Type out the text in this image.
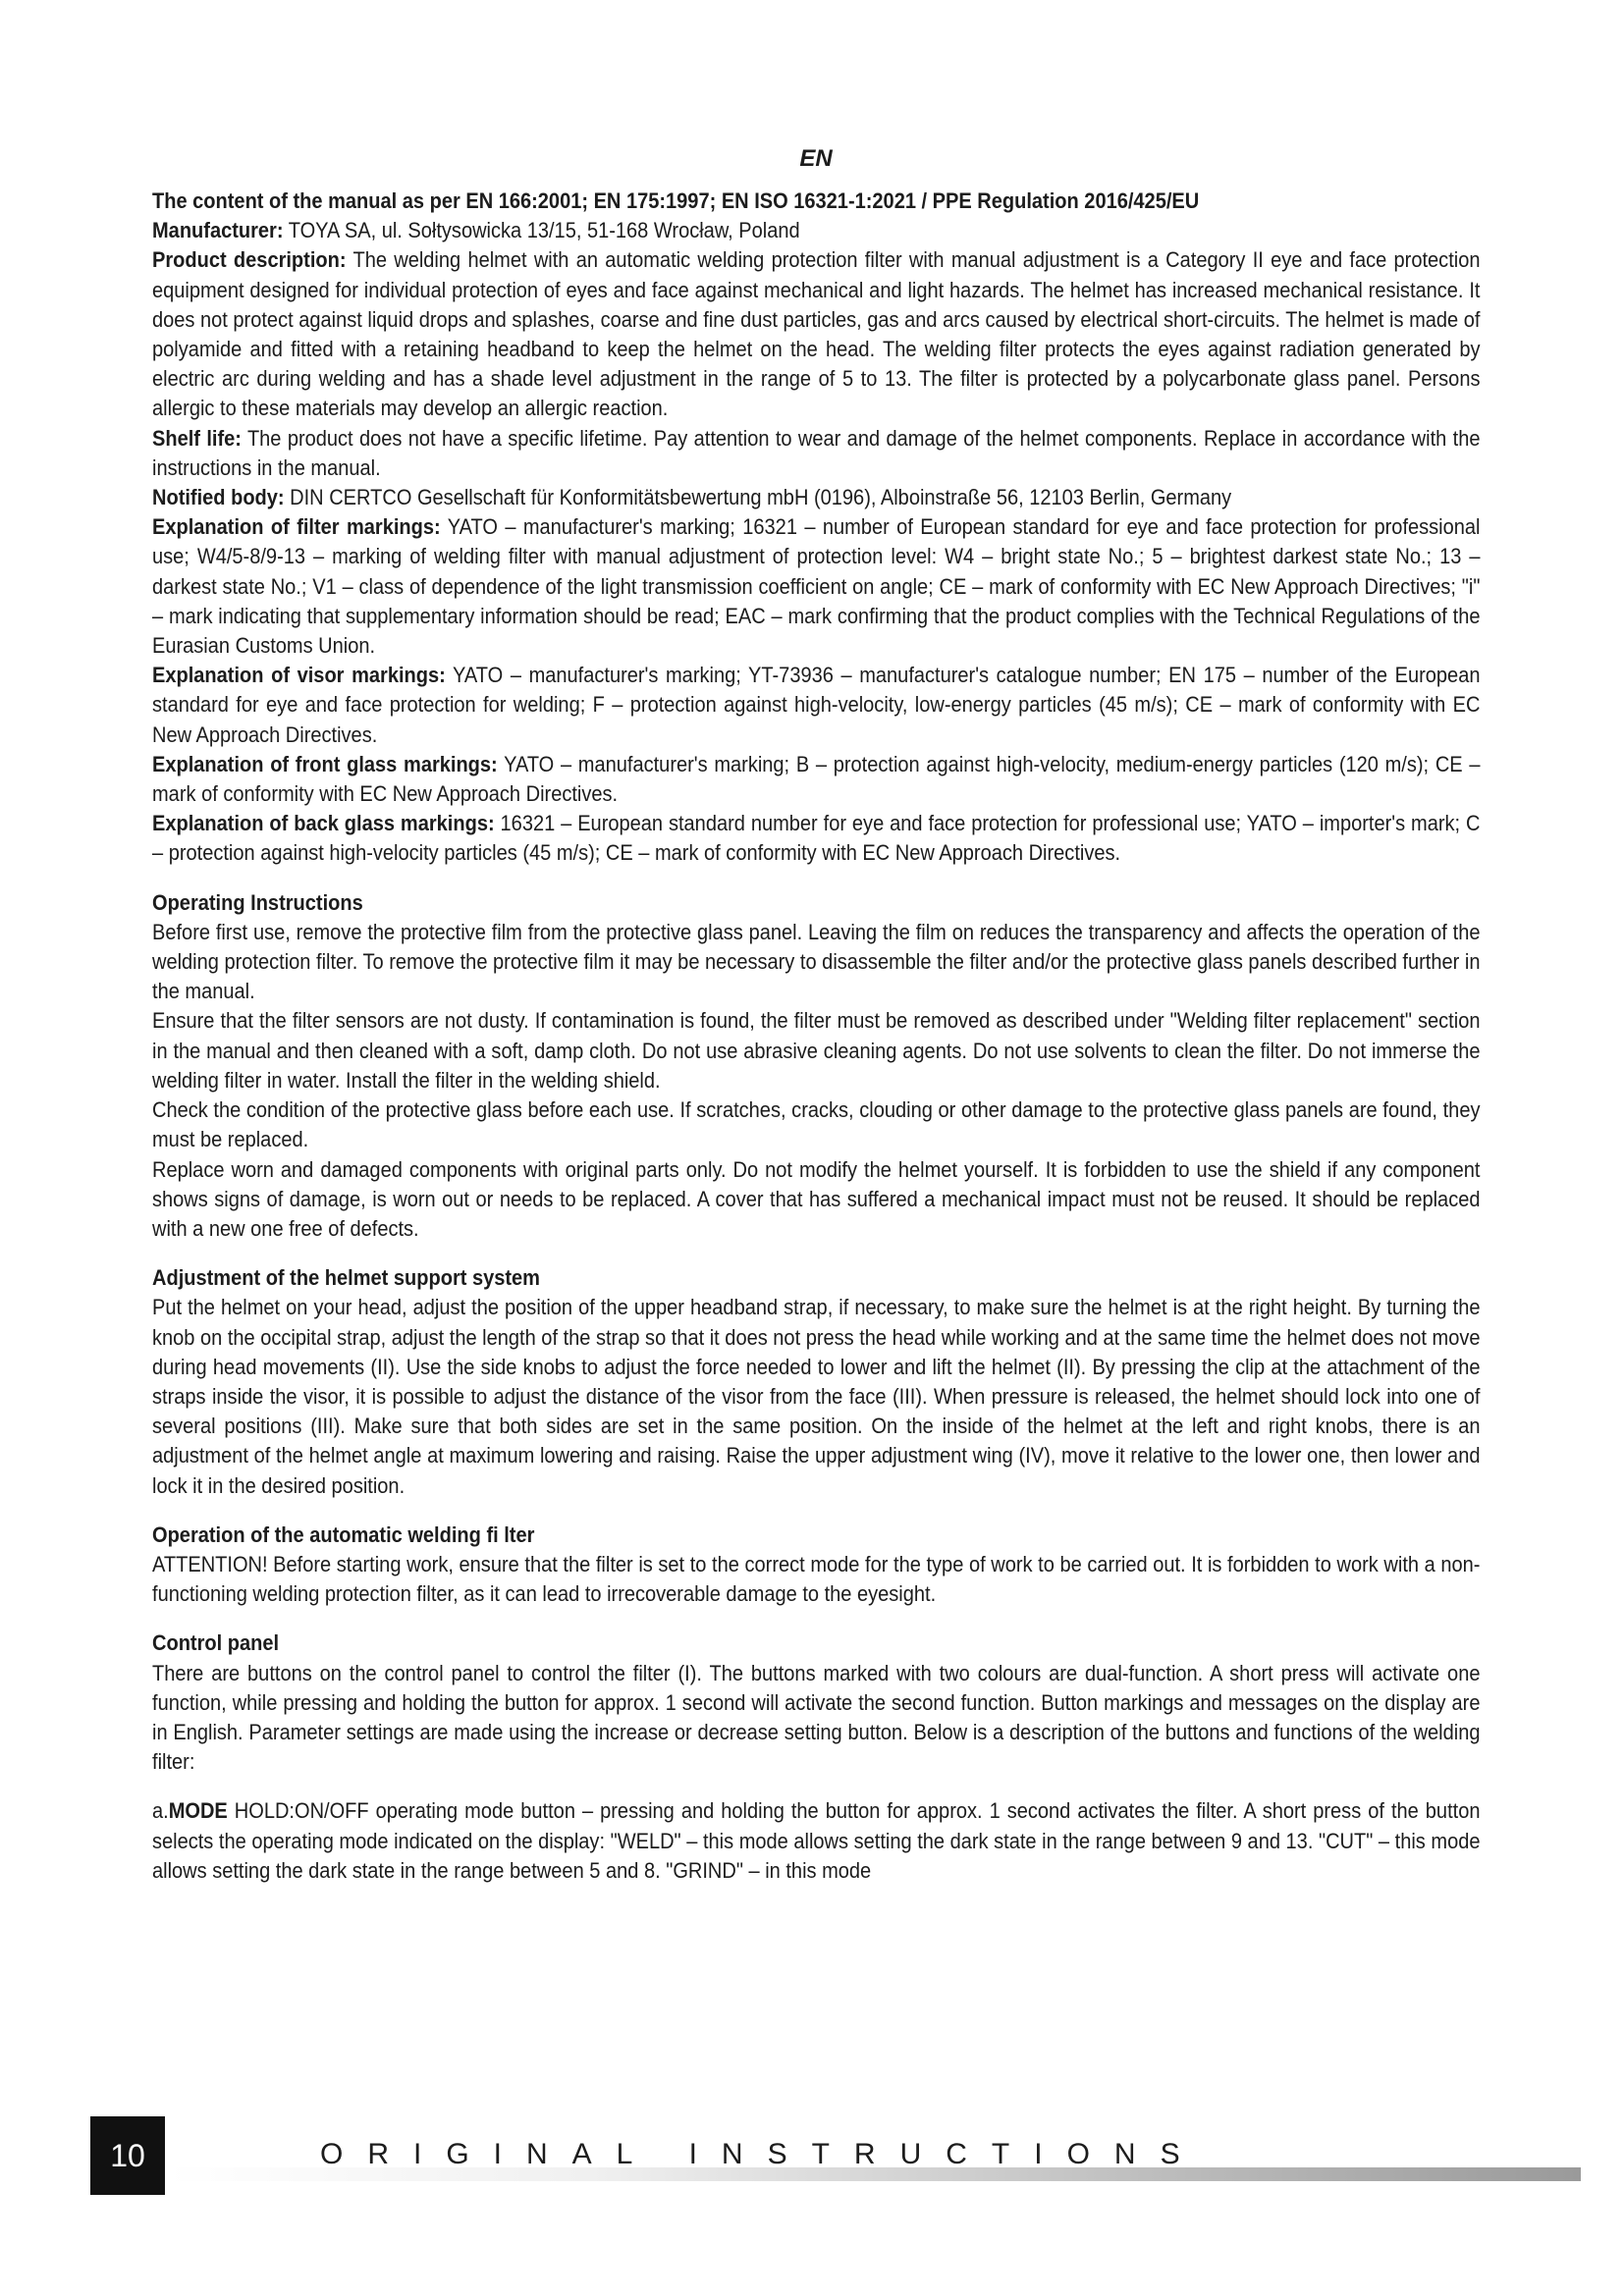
EN
The content of the manual as per EN 166:2001; EN 175:1997; EN ISO 16321-1:2021 / PPE Regulation 2016/425/EU

Manufacturer: TOYA SA, ul. Sołtysowicka 13/15, 51-168 Wrocław, Poland

Product description: The welding helmet with an automatic welding protection filter with manual adjustment is a Category II eye and face protection equipment designed for individual protection of eyes and face against mechanical and light hazards. The helmet has increased mechanical resistance. It does not protect against liquid drops and splashes, coarse and fine dust particles, gas and arcs caused by electrical short-circuits. The helmet is made of polyamide and fitted with a retaining headband to keep the helmet on the head. The welding filter protects the eyes against radiation generated by electric arc during welding and has a shade level adjustment in the range of 5 to 13. The filter is protected by a polycarbonate glass panel. Persons allergic to these materials may develop an allergic reaction.

Shelf life: The product does not have a specific lifetime. Pay attention to wear and damage of the helmet components. Replace in accordance with the instructions in the manual.

Notified body: DIN CERTCO Gesellschaft für Konformitätsbewertung mbH (0196), Alboinstraße 56, 12103 Berlin, Germany

Explanation of filter markings: YATO – manufacturer's marking; 16321 – number of European standard for eye and face protection for professional use; W4/5-8/9-13 – marking of welding filter with manual adjustment of protection level: W4 – bright state No.; 5 – brightest darkest state No.; 13 – darkest state No.; V1 – class of dependence of the light transmission coefficient on angle; CE – mark of conformity with EC New Approach Directives; "i" – mark indicating that supplementary information should be read; EAC – mark confirming that the product complies with the Technical Regulations of the Eurasian Customs Union.

Explanation of visor markings: YATO – manufacturer's marking; YT-73936 – manufacturer's catalogue number; EN 175 – number of the European standard for eye and face protection for welding; F – protection against high-velocity, low-energy particles (45 m/s); CE – mark of conformity with EC New Approach Directives.

Explanation of front glass markings: YATO – manufacturer's marking; B – protection against high-velocity, medium-energy particles (120 m/s); CE – mark of conformity with EC New Approach Directives.

Explanation of back glass markings: 16321 – European standard number for eye and face protection for professional use; YATO – importer's mark; C – protection against high-velocity particles (45 m/s); CE – mark of conformity with EC New Approach Directives.

Operating Instructions

Before first use, remove the protective film from the protective glass panel. Leaving the film on reduces the transparency and affects the operation of the welding protection filter. To remove the protective film it may be necessary to disassemble the filter and/or the protective glass panels described further in the manual.

Ensure that the filter sensors are not dusty. If contamination is found, the filter must be removed as described under "Welding filter replacement" section in the manual and then cleaned with a soft, damp cloth. Do not use abrasive cleaning agents. Do not use solvents to clean the filter. Do not immerse the welding filter in water. Install the filter in the welding shield.

Check the condition of the protective glass before each use. If scratches, cracks, clouding or other damage to the protective glass panels are found, they must be replaced.

Replace worn and damaged components with original parts only. Do not modify the helmet yourself. It is forbidden to use the shield if any component shows signs of damage, is worn out or needs to be replaced. A cover that has suffered a mechanical impact must not be reused. It should be replaced with a new one free of defects.

Adjustment of the helmet support system

Put the helmet on your head, adjust the position of the upper headband strap, if necessary, to make sure the helmet is at the right height. By turning the knob on the occipital strap, adjust the length of the strap so that it does not press the head while working and at the same time the helmet does not move during head movements (II). Use the side knobs to adjust the force needed to lower and lift the helmet (II). By pressing the clip at the attachment of the straps inside the visor, it is possible to adjust the distance of the visor from the face (III). When pressure is released, the helmet should lock into one of several positions (III). Make sure that both sides are set in the same position. On the inside of the helmet at the left and right knobs, there is an adjustment of the helmet angle at maximum lowering and raising. Raise the upper adjustment wing (IV), move it relative to the lower one, then lower and lock it in the desired position.

Operation of the automatic welding fi lter

ATTENTION! Before starting work, ensure that the filter is set to the correct mode for the type of work to be carried out. It is forbidden to work with a non-functioning welding protection filter, as it can lead to irrecoverable damage to the eyesight.

Control panel

There are buttons on the control panel to control the filter (I). The buttons marked with two colours are dual-function. A short press will activate one function, while pressing and holding the button for approx. 1 second will activate the second function. Button markings and messages on the display are in English. Parameter settings are made using the increase or decrease setting button. Below is a description of the buttons and functions of the welding filter:

a.MODE HOLD:ON/OFF operating mode button – pressing and holding the button for approx. 1 second activates the filter. A short press of the button selects the operating mode indicated on the display: "WELD" – this mode allows setting the dark state in the range between 9 and 13. "CUT" – this mode allows setting the dark state in the range between 5 and 8. "GRIND" – in this mode

ORIGINAL INSTRUCTIONS
10
